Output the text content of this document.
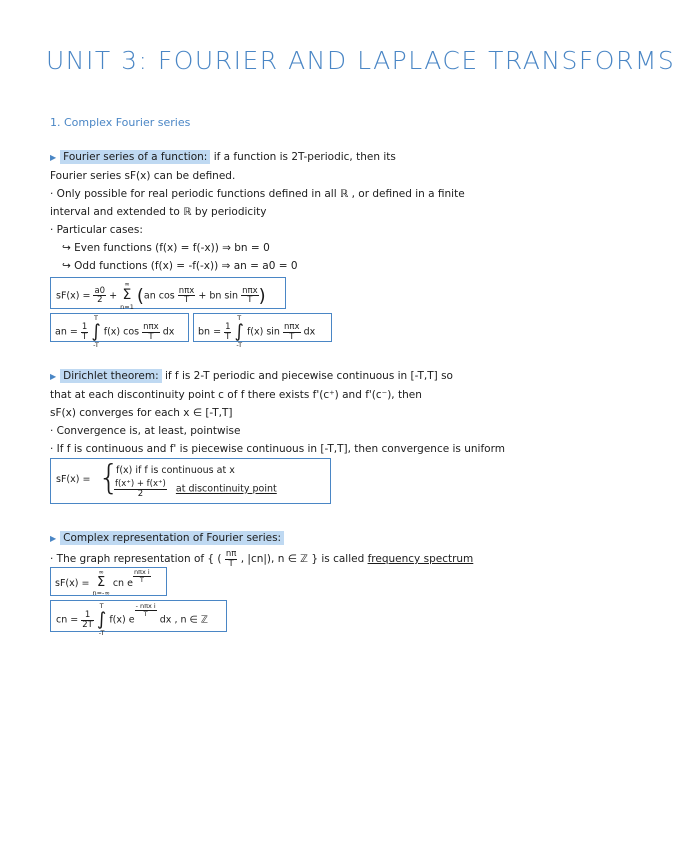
UNIT 3: FOURIER AND LAPLACE TRANSFORMS
1. Complex Fourier series
▶ Fourier series of a function: if a function is 2T-periodic, then its
Fourier series sF(x) can be defined.
· Only possible for real periodic functions defined in all ℝ , or defined in a finite
interval and extended to ℝ by periodicity
· Particular cases:
↪ Even functions (f(x) = f(-x)) ⇒ bn = 0
↪ Odd functions (f(x) = -f(-x)) ⇒ an = a0 = 0
$sF(x) = \frac{a0}{2}$ + ∞
Σ
n=1 (an $\cos \frac{\text{nπx}}{T}$ + bn $\sin \frac{\text{nπx}}{T}$ )
an = $\frac{1}{T}$
T
∫
-T f(x) $\cos \frac{\text{nπx}}{T}$ dx bn = $\frac{1}{T}$
T
∫
-T f(x) $\sin \frac{\text{nπx}}{T}$ dx
▶ Dirichlet theorem: if f is 2-T periodic and piecewise continuous in [-T,T] so
that at each discontinuity point c of f there exists f'(c⁺) and f'(c⁻), then
sF(x) converges for each x ∈ [-T,T]
· Convergence is, at least, pointwise
· If f is continuous and f' is piecewise continuous in [-T,T], then convergence is uniform
sF(x) = {
f(x) if f is continuous at x
$\frac{f(x^+) + f(x^+)}{2}$ at discontinuity point
▶ Complex representation of Fourier series:
· The graph representation of { ( $\frac{n\pi}{T}$ , |cn|), n ∈ ℤ } is called frequency spectrum
sF(x) = ∞
Σ
n=-∞ cn e
$\frac{\text{nπx i}}{T}$
cn = $\frac{1}{2T}$
T
∫
-T f(x) e
$\frac{\text{- nπx i}}{T}$
dx , n ∈ ℤ
